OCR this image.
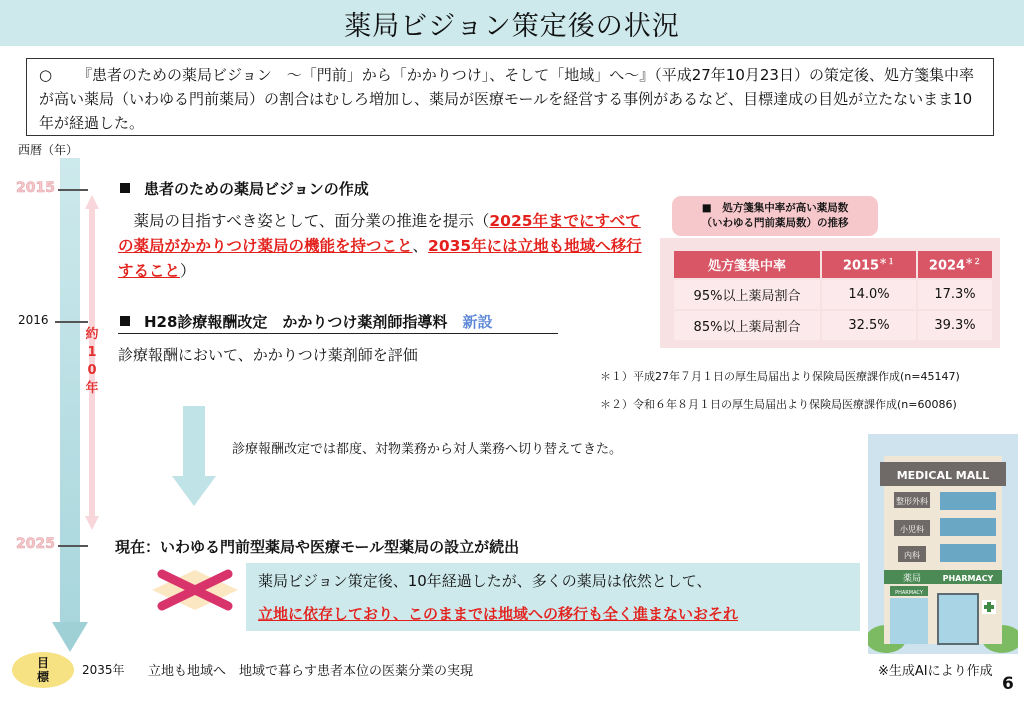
薬局ビジョン策定後の状況
○ 『患者のための薬局ビジョン　～「門前」から「かかりつけ」、そして「地域」へ～』（平成27年10月23日）の策定後、処方箋集中率が高い薬局（いわゆる門前薬局）の割合はむしろ増加し、薬局が医療モールを経営する事例があるなど、目標達成の目処が立たないまま10年が経過した。
西暦（年）
2015
2016
2025
約
1
0
年
患者のための薬局ビジョンの作成
　薬局の目指すべき姿として、面分業の推進を提示（2025年までにすべての薬局がかかりつけ薬局の機能を持つこと、2035年には立地も地域へ移行すること）
H28診療報酬改定　かかりつけ薬剤師指導料　 新設
診療報酬において、かかりつけ薬剤師を評価
診療報酬改定では都度、対物業務から対人業務へ切り替えてきた。
現在：いわゆる門前型薬局や医療モール型薬局の設立が続出
薬局ビジョン策定後、10年経過したが、多くの薬局は依然として、
立地に依存しており、このままでは地域への移行も全く進まないおそれ
■　処方箋集中率が高い薬局数
（いわゆる門前薬局数）の推移
処方箋集中率	$2015^{*1}$	$2024^{*2}$
95%以上薬局割合	14.0%	17.3%
85%以上薬局割合	32.5%	39.3%
＊１）平成27年７月１日の厚生局届出より保険局医療課作成(n=45147)
＊２）令和６年８月１日の厚生局届出より保険局医療課作成(n=60086)
MEDICAL MALL
整形外科
小児科
内科
薬局	PHARMACY
PHARMACY
目
標	2035年 立地も地域へ　地域で暮らす患者本位の医薬分業の実現	※生成AIにより作成
6
